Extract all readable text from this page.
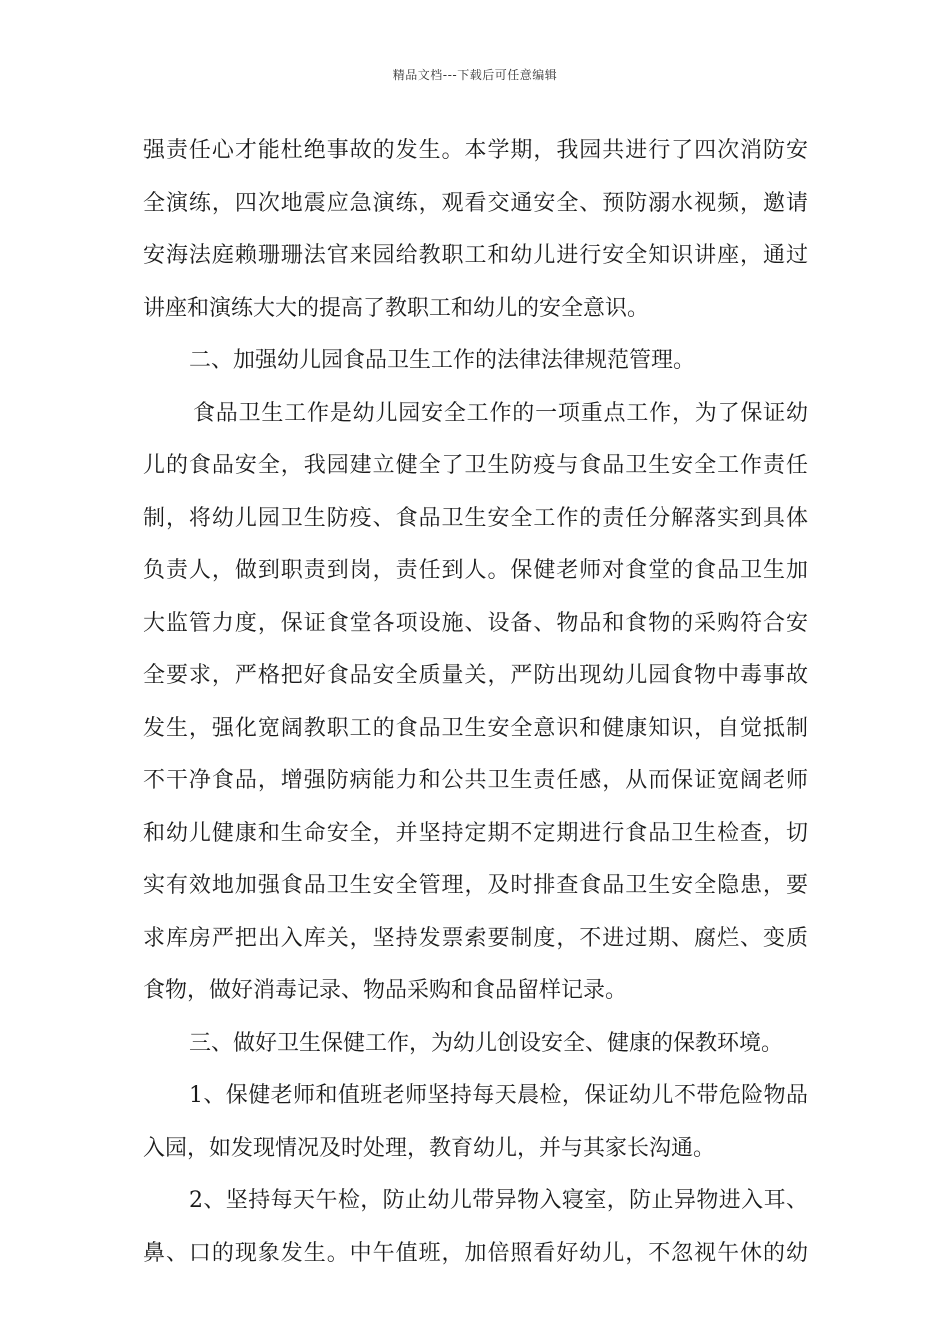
精品文档---下载后可任意编辑
强责任心才能杜绝事故的发生。本学期，我园共进行了四次消防安
全演练，四次地震应急演练，观看交通安全、预防溺水视频，邀请
安海法庭赖珊珊法官来园给教职工和幼儿进行安全知识讲座，通过
讲座和演练大大的提高了教职工和幼儿的安全意识。
二、加强幼儿园食品卫生工作的法律法律规范管理。
食品卫生工作是幼儿园安全工作的一项重点工作，为了保证幼
儿的食品安全，我园建立健全了卫生防疫与食品卫生安全工作责任
制，将幼儿园卫生防疫、食品卫生安全工作的责任分解落实到具体
负责人，做到职责到岗，责任到人。保健老师对食堂的食品卫生加
大监管力度，保证食堂各项设施、设备、物品和食物的采购符合安
全要求，严格把好食品安全质量关，严防出现幼儿园食物中毒事故
发生，强化宽阔教职工的食品卫生安全意识和健康知识，自觉抵制
不干净食品，增强防病能力和公共卫生责任感，从而保证宽阔老师
和幼儿健康和生命安全，并坚持定期不定期进行食品卫生检查，切
实有效地加强食品卫生安全管理，及时排查食品卫生安全隐患，要
求库房严把出入库关，坚持发票索要制度，不进过期、腐烂、变质
食物，做好消毒记录、物品采购和食品留样记录。
三、做好卫生保健工作，为幼儿创设安全、健康的保教环境。
1、保健老师和值班老师坚持每天晨检，保证幼儿不带危险物品
入园，如发现情况及时处理，教育幼儿，并与其家长沟通。
2、坚持每天午检，防止幼儿带异物入寝室，防止异物进入耳、
鼻、口的现象发生。中午值班，加倍照看好幼儿，不忽视午休的幼
